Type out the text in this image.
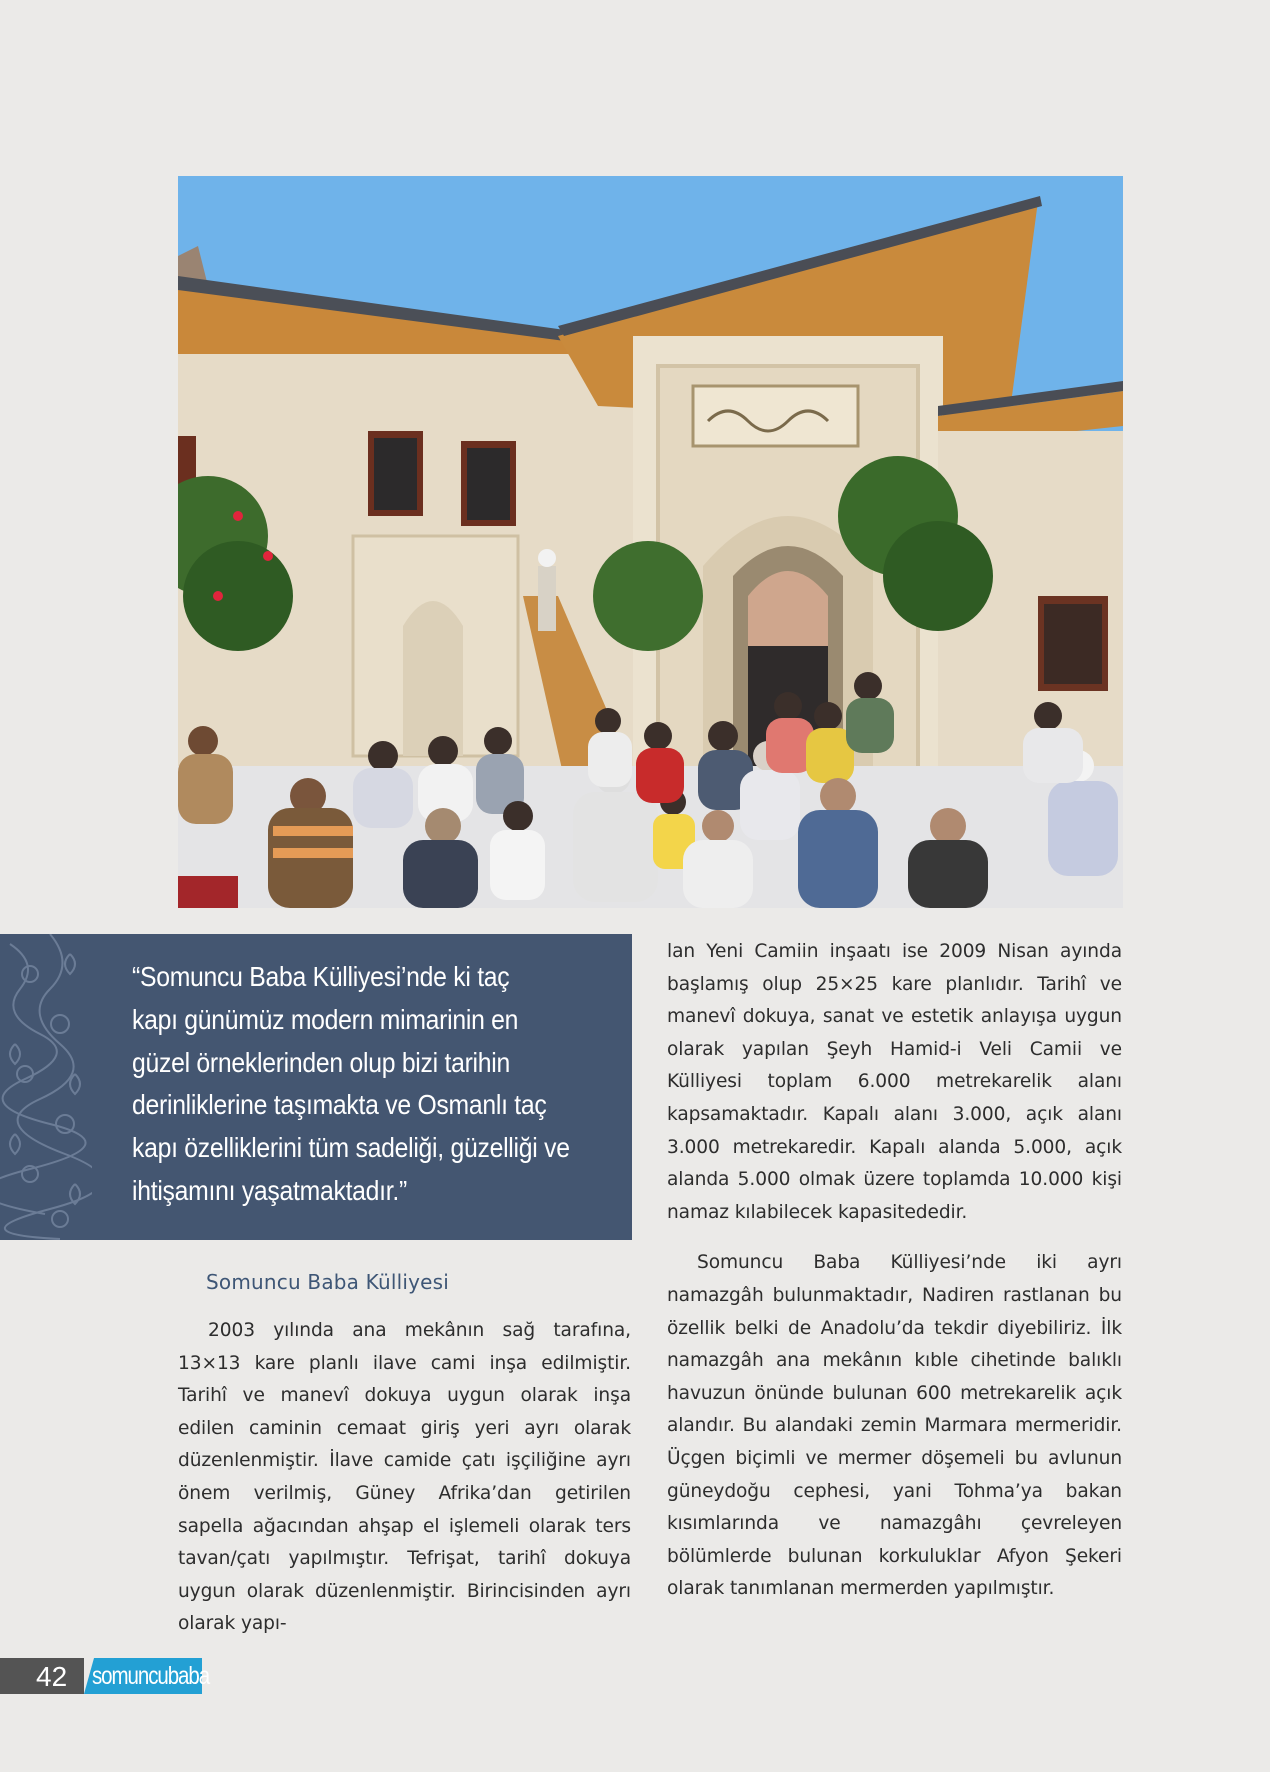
“Somuncu Baba Külliyesi’nde ki taç
kapı günümüz modern mimarinin en
güzel örneklerinden olup bizi tarihin
derinliklerine taşımakta ve Osmanlı taç
kapı özelliklerini tüm sadeliği, güzelliği ve
ihtişamını yaşatmaktadır.”

lan Yeni Camiin inşaatı ise 2009 Nisan ayında başlamış olup 25×25 kare planlıdır. Tarihî ve manevî dokuya, sanat ve estetik anlayışa uygun olarak yapılan Şeyh Hamid-i Veli Camii ve Külliyesi toplam 6.000 metrekarelik alanı kapsamaktadır. Kapalı alanı 3.000, açık alanı 3.000 metrekaredir. Kapalı alanda 5.000, açık alanda 5.000 olmak üzere toplamda 10.000 kişi namaz kılabilecek kapasitededir.

Somuncu Baba Külliyesi’nde iki ayrı namazgâh bulunmaktadır, Nadiren rastlanan bu özellik belki de Anadolu’da tekdir diyebiliriz. İlk namazgâh ana mekânın kıble cihetinde balıklı havuzun önünde bulunan 600 metrekarelik açık alandır. Bu alandaki zemin Marmara mermeridir. Üçgen biçimli ve mermer döşemeli bu avlunun güneydoğu cephesi, yani Tohma’ya bakan kısımlarında ve namazgâhı çevreleyen bölümlerde bulunan korkuluklar Afyon Şekeri olarak tanımlanan mermerden yapılmıştır.

Somuncu Baba Külliyesi

2003 yılında ana mekânın sağ tarafına, 13×13 kare planlı ilave cami inşa edilmiştir. Tarihî ve manevî dokuya uygun olarak inşa edilen caminin cemaat giriş yeri ayrı olarak düzenlenmiştir. İlave camide çatı işçiliğine ayrı önem verilmiş, Güney Afrika’dan getirilen sapella ağacından ahşap el işlemeli olarak ters tavan/çatı yapılmıştır. Tefrişat, tarihî dokuya uygun olarak düzenlenmiştir. Birincisinden ayrı olarak yapı-

42 somuncubaba
